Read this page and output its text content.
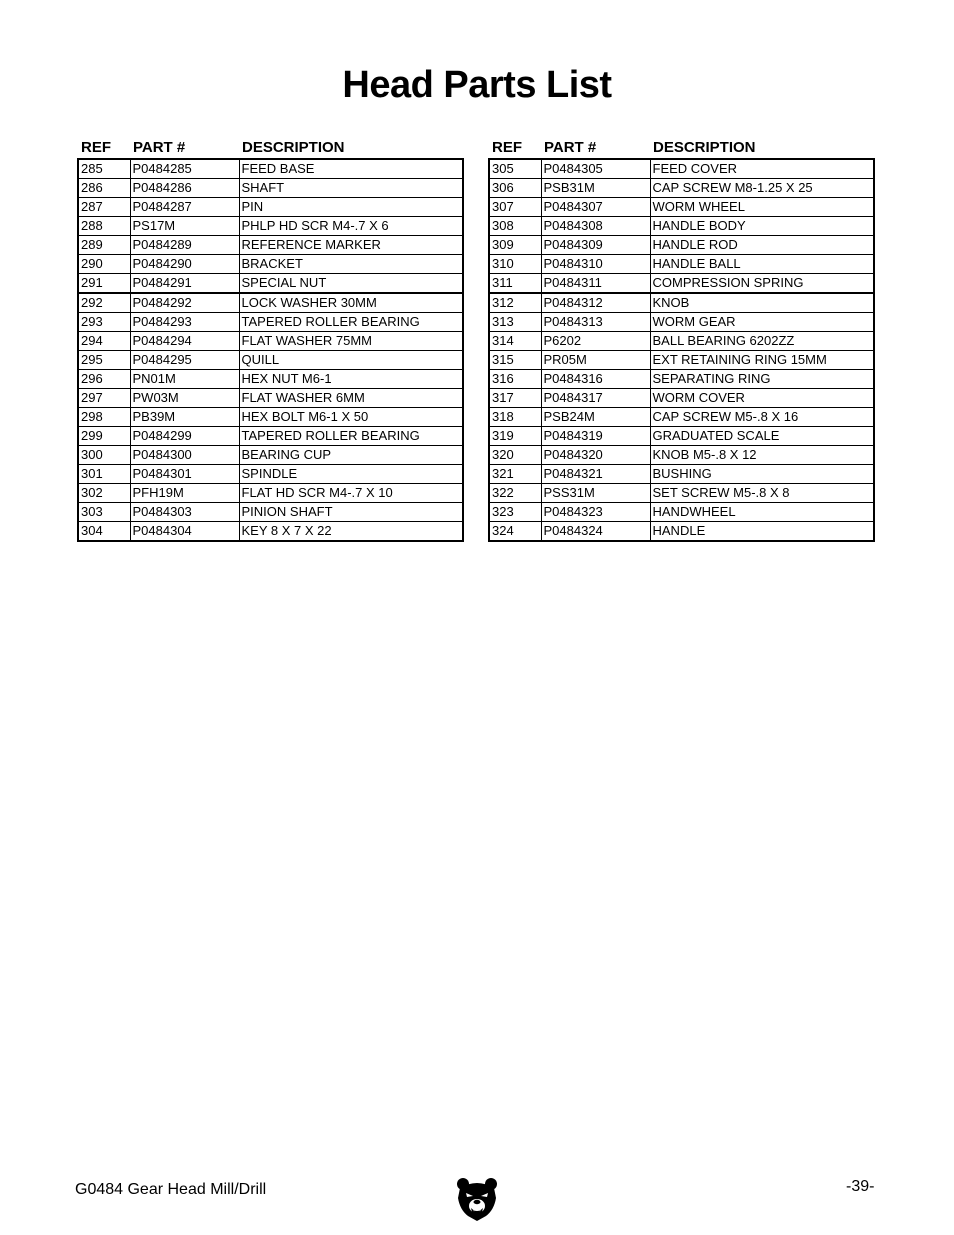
Head Parts List
REF	PART #	DESCRIPTION
285	P0484285	FEED BASE
286	P0484286	SHAFT
287	P0484287	PIN
288	PS17M	PHLP HD SCR M4-.7 X 6
289	P0484289	REFERENCE MARKER
290	P0484290	BRACKET
291	P0484291	SPECIAL NUT
292	P0484292	LOCK WASHER 30MM
293	P0484293	TAPERED ROLLER BEARING
294	P0484294	FLAT WASHER 75MM
295	P0484295	QUILL
296	PN01M	HEX NUT M6-1
297	PW03M	FLAT WASHER 6MM
298	PB39M	HEX BOLT M6-1 X 50
299	P0484299	TAPERED ROLLER BEARING
300	P0484300	BEARING CUP
301	P0484301	SPINDLE
302	PFH19M	FLAT HD SCR M4-.7 X 10
303	P0484303	PINION SHAFT
304	P0484304	KEY 8 X 7 X 22
REF	PART #	DESCRIPTION
305	P0484305	FEED COVER
306	PSB31M	CAP SCREW M8-1.25 X 25
307	P0484307	WORM WHEEL
308	P0484308	HANDLE BODY
309	P0484309	HANDLE ROD
310	P0484310	HANDLE BALL
311	P0484311	COMPRESSION SPRING
312	P0484312	KNOB
313	P0484313	WORM GEAR
314	P6202	BALL BEARING 6202ZZ
315	PR05M	EXT RETAINING RING 15MM
316	P0484316	SEPARATING RING
317	P0484317	WORM COVER
318	PSB24M	CAP SCREW M5-.8 X 16
319	P0484319	GRADUATED SCALE
320	P0484320	KNOB M5-.8 X 12
321	P0484321	BUSHING
322	PSS31M	SET SCREW M5-.8 X 8
323	P0484323	HANDWHEEL
324	P0484324	HANDLE
G0484 Gear Head Mill/Drill	-39-
